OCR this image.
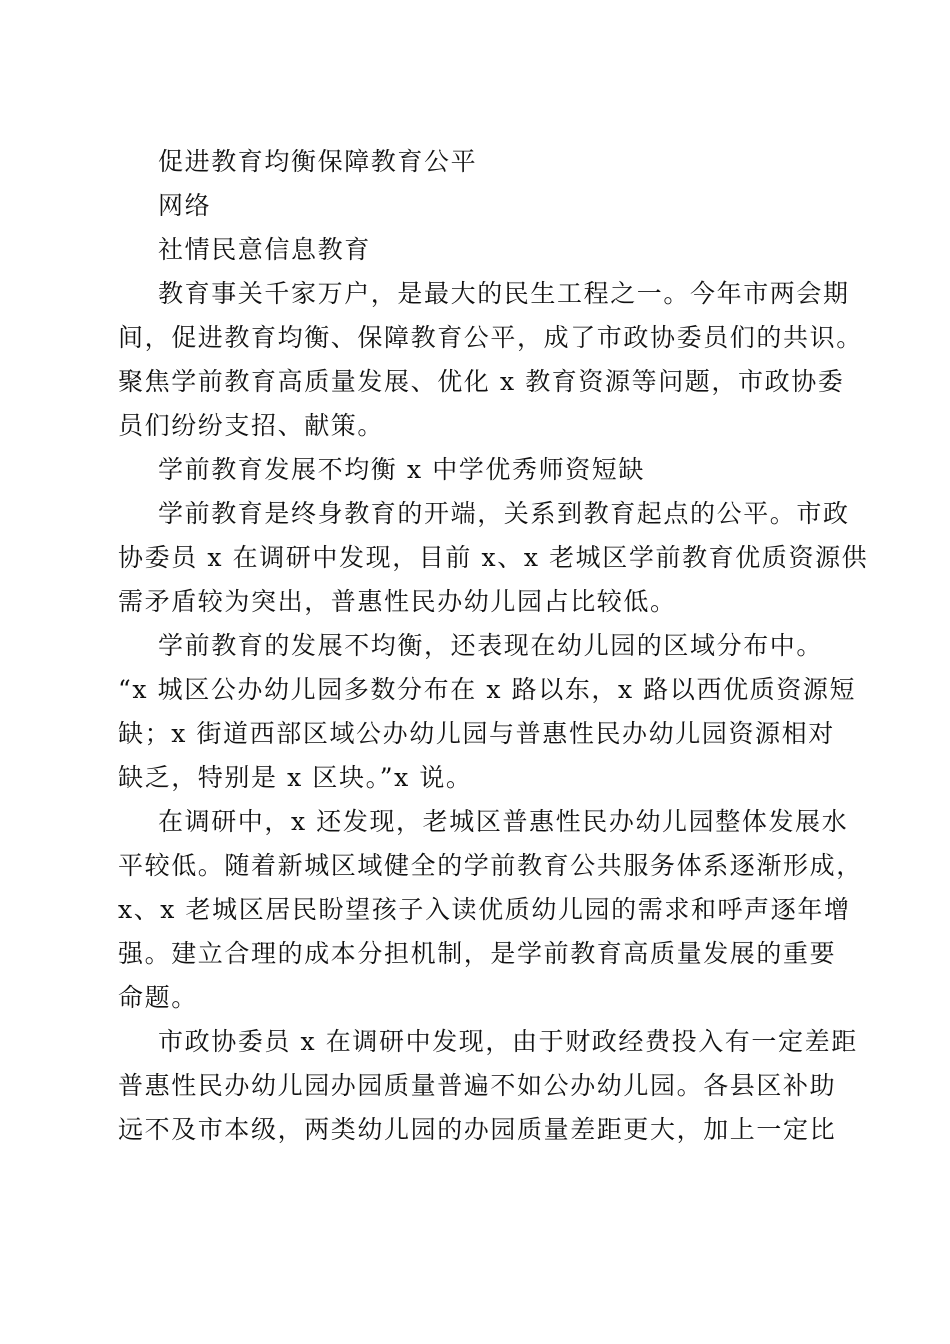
促进教育均衡保障教育公平
网络
社情民意信息教育
教育事关千家万户，是最大的民生工程之一。今年市两会期
间，促进教育均衡、保障教育公平，成了市政协委员们的共识。
聚焦学前教育高质量发展、优化 x 教育资源等问题，市政协委
员们纷纷支招、献策。
学前教育发展不均衡 x 中学优秀师资短缺
学前教育是终身教育的开端，关系到教育起点的公平。市政
协委员 x 在调研中发现，目前 x、x 老城区学前教育优质资源供
需矛盾较为突出，普惠性民办幼儿园占比较低。
学前教育的发展不均衡，还表现在幼儿园的区域分布中。
“x 城区公办幼儿园多数分布在 x 路以东，x 路以西优质资源短
缺；x 街道西部区域公办幼儿园与普惠性民办幼儿园资源相对
缺乏，特别是 x 区块。”x 说。
在调研中，x 还发现，老城区普惠性民办幼儿园整体发展水
平较低。随着新城区域健全的学前教育公共服务体系逐渐形成，
x、x 老城区居民盼望孩子入读优质幼儿园的需求和呼声逐年增
强。建立合理的成本分担机制，是学前教育高质量发展的重要
命题。
市政协委员 x 在调研中发现，由于财政经费投入有一定差距
普惠性民办幼儿园办园质量普遍不如公办幼儿园。各县区补助
远不及市本级，两类幼儿园的办园质量差距更大，加上一定比
